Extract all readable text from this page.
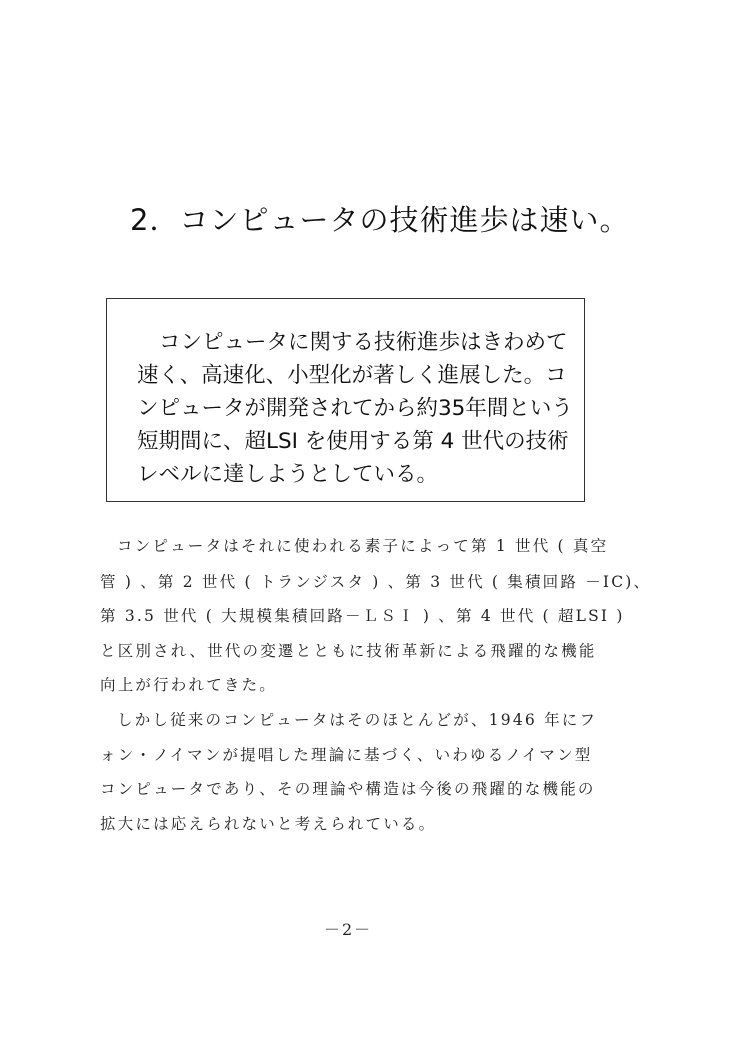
2．コンピュータの技術進歩は速い。
コンピュータに関する技術進歩はきわめて
速く、高速化、小型化が著しく進展した。コ
ンピュータが開発されてから約35年間という
短期間に、超LSI を使用する第 4 世代の技術
レベルに達しようとしている。
コンピュータはそれに使われる素子によって第 1 世代 ( 真空
管 ) 、第 2 世代 ( トランジスタ ) 、第 3 世代 ( 集積回路 －IC)、
第 3.5 世代 ( 大規模集積回路－ＬＳＩ ) 、第 4 世代 ( 超LSI )
と区別され、世代の変遷とともに技術革新による飛躍的な機能
向上が行われてきた。
しかし従来のコンピュータはそのほとんどが、1946 年にフ
ォン・ノイマンが提唱した理論に基づく、いわゆるノイマン型
コンピュータであり、その理論や構造は今後の飛躍的な機能の
拡大には応えられないと考えられている。
－2－
